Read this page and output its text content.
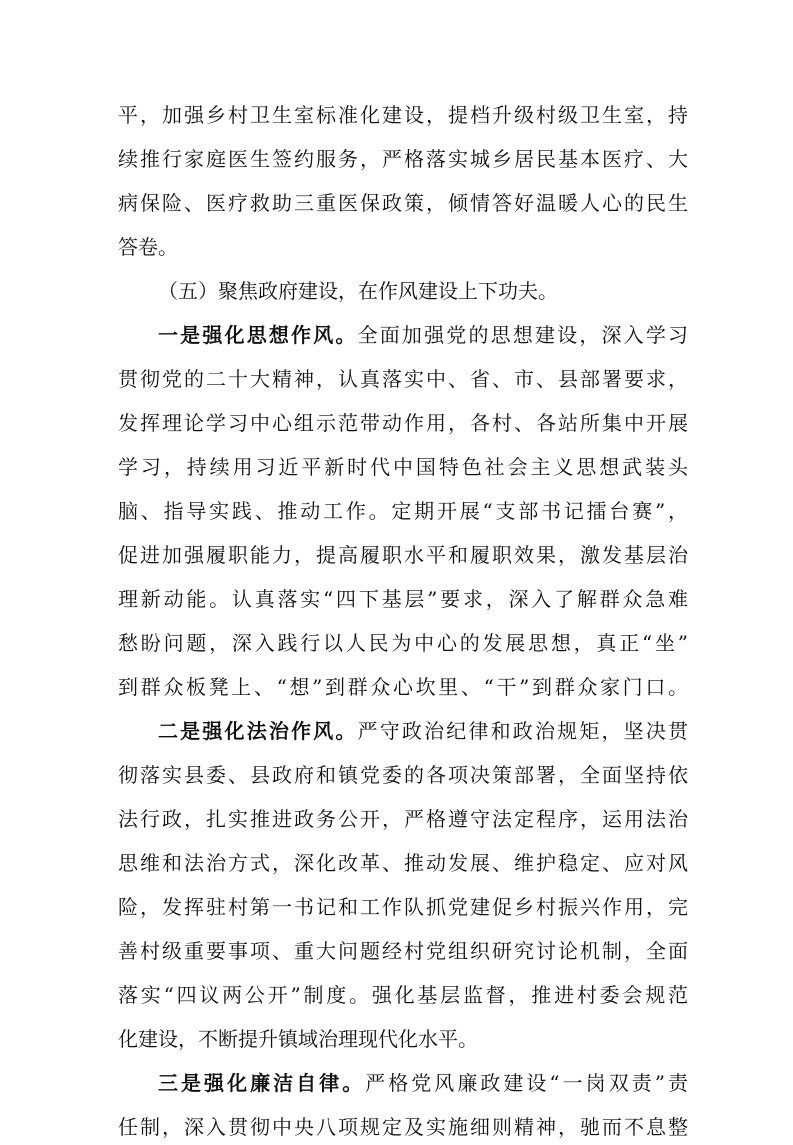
平，加强乡村卫生室标准化建设，提档升级村级卫生室，持
续推行家庭医生签约服务，严格落实城乡居民基本医疗、大
病保险、医疗救助三重医保政策，倾情答好温暖人心的民生
答卷。
（五）聚焦政府建设，在作风建设上下功夫。
一是强化思想作风。全面加强党的思想建设，深入学习
贯彻党的二十大精神，认真落实中、省、市、县部署要求，
发挥理论学习中心组示范带动作用，各村、各站所集中开展
学习，持续用习近平新时代中国特色社会主义思想武装头
脑、指导实践、推动工作。定期开展“支部书记擂台赛”，
促进加强履职能力，提高履职水平和履职效果，激发基层治
理新动能。认真落实“四下基层”要求，深入了解群众急难
愁盼问题，深入践行以人民为中心的发展思想，真正“坐”
到群众板凳上、“想”到群众心坎里、“干”到群众家门口。
二是强化法治作风。严守政治纪律和政治规矩，坚决贯
彻落实县委、县政府和镇党委的各项决策部署，全面坚持依
法行政，扎实推进政务公开，严格遵守法定程序，运用法治
思维和法治方式，深化改革、推动发展、维护稳定、应对风
险，发挥驻村第一书记和工作队抓党建促乡村振兴作用，完
善村级重要事项、重大问题经村党组织研究讨论机制，全面
落实“四议两公开”制度。强化基层监督，推进村委会规范
化建设，不断提升镇域治理现代化水平。
三是强化廉洁自律。严格党风廉政建设“一岗双责”责
任制，深入贯彻中央八项规定及实施细则精神，驰而不息整
